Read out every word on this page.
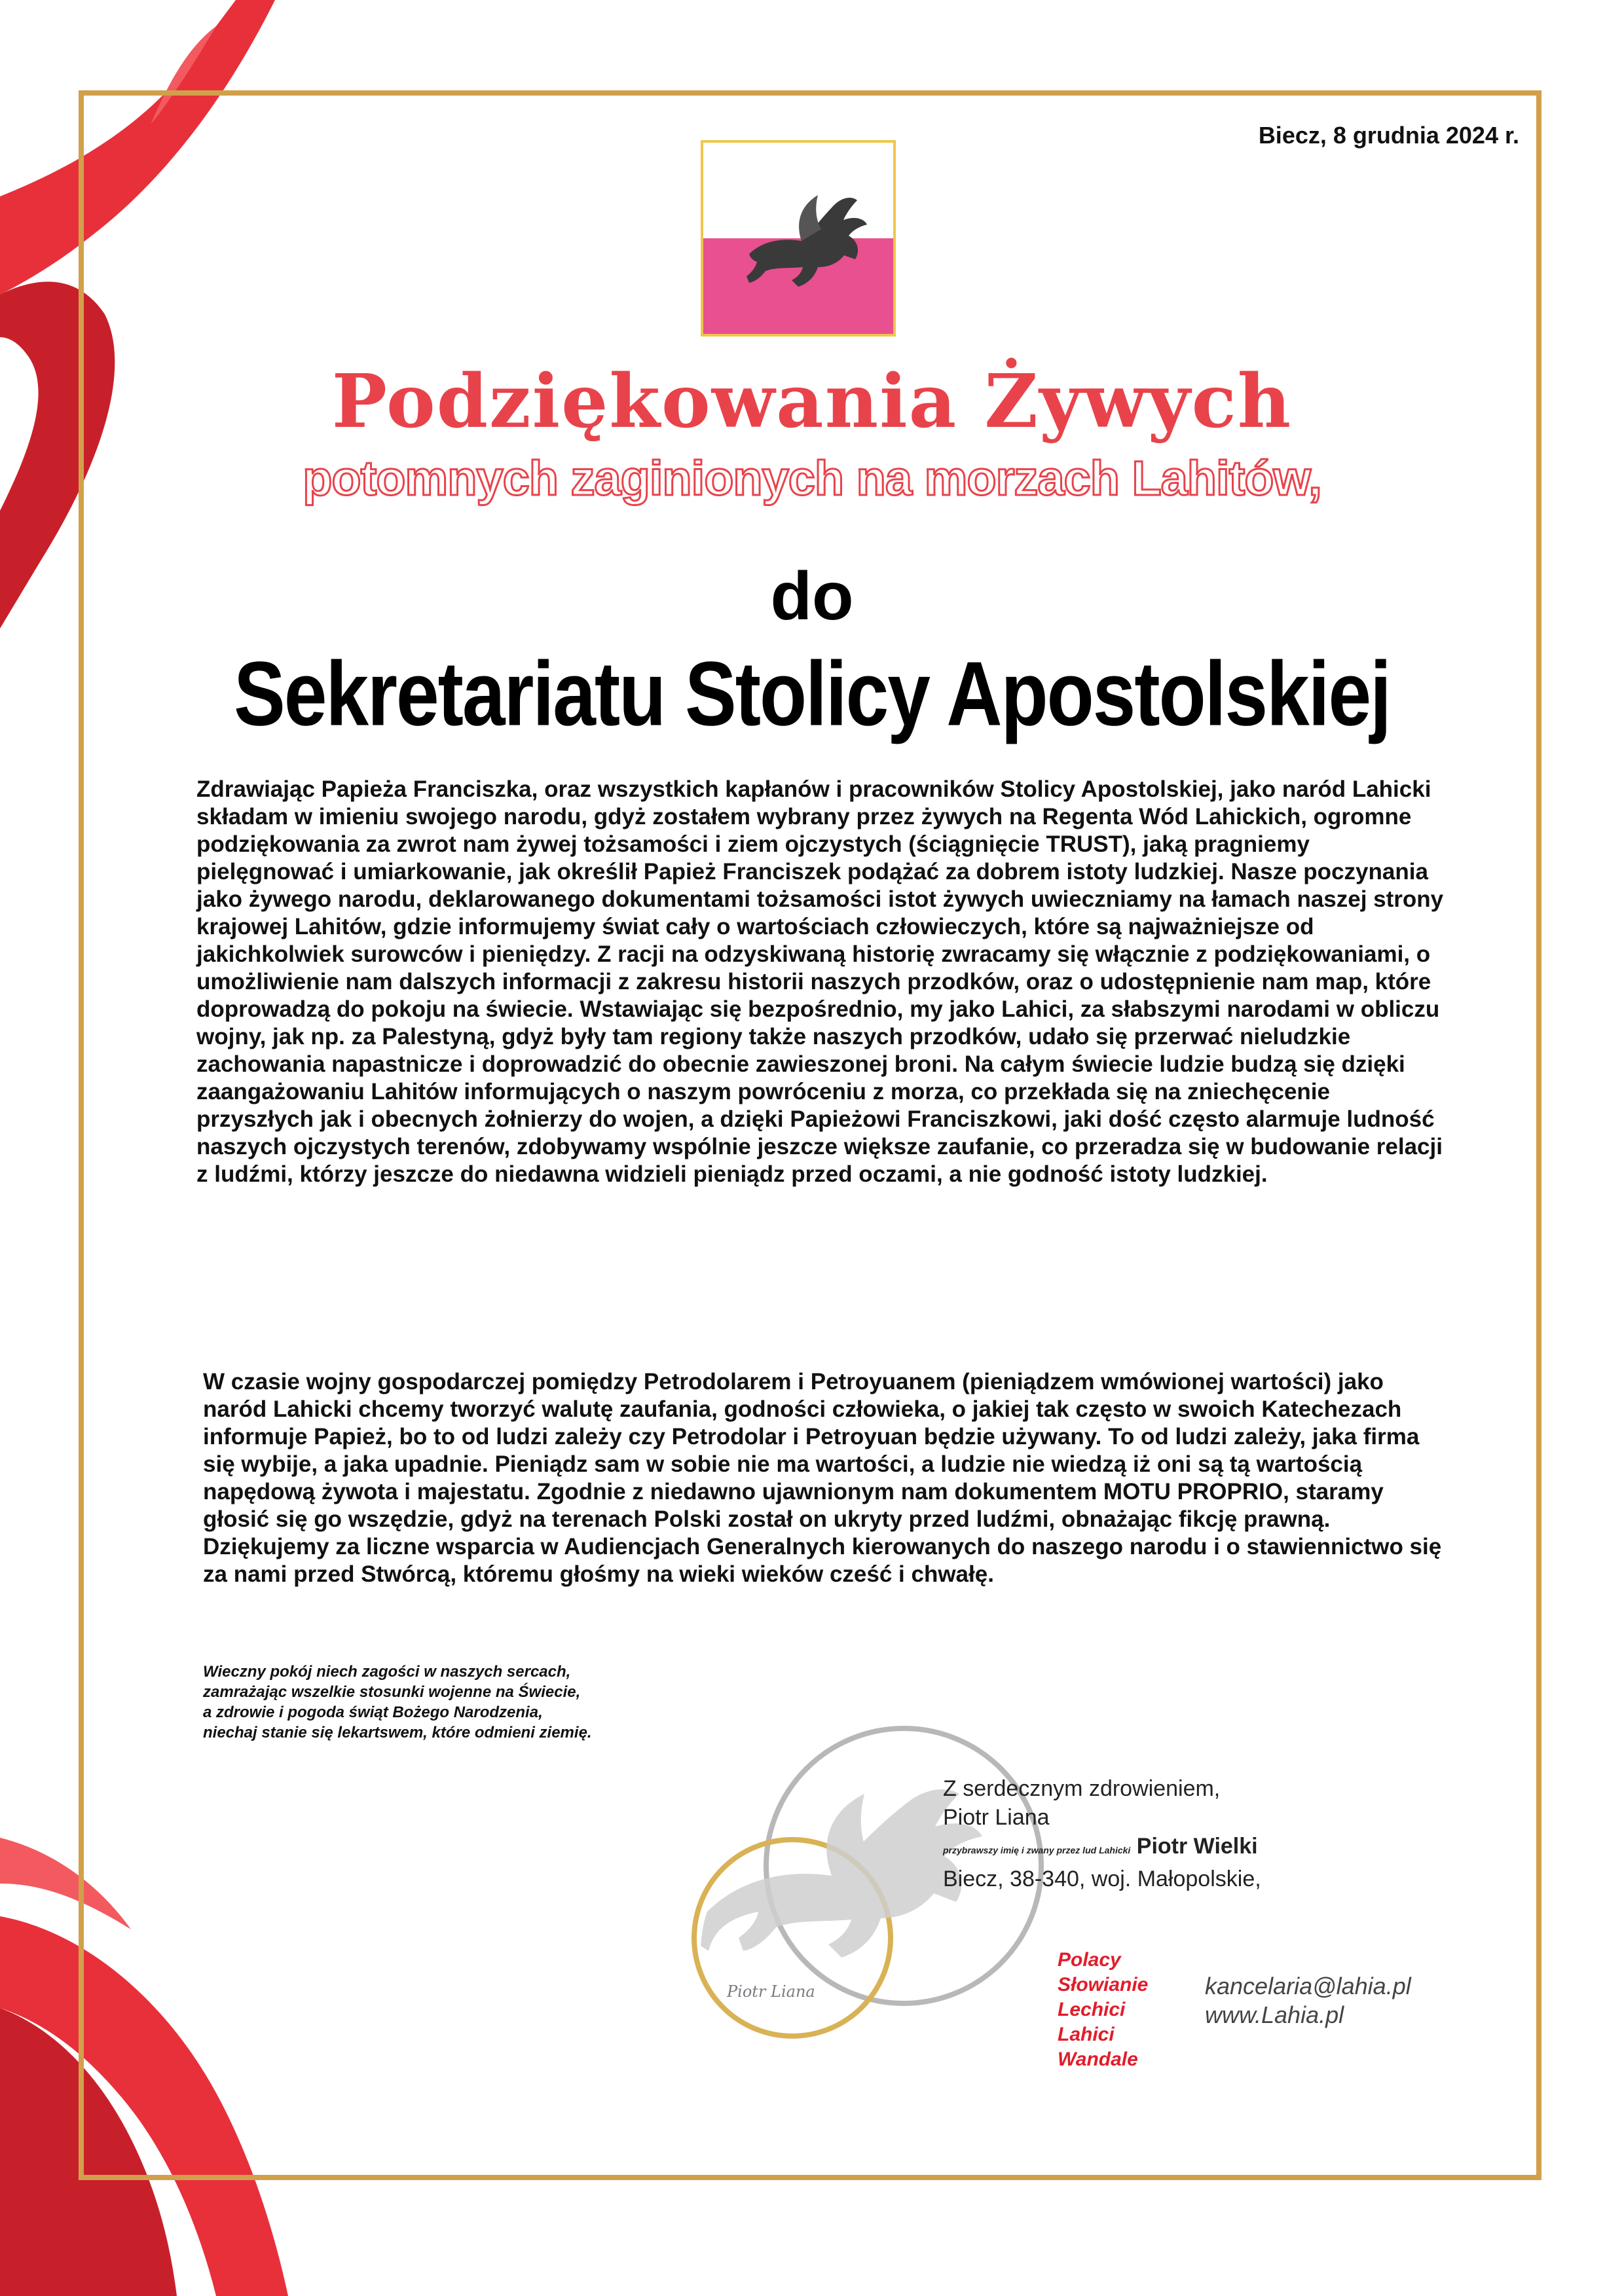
Biecz, 8 grudnia 2024 r.
Podziękowania Żywych
potomnych zaginionych na morzach Lahitów,
do
Sekretariatu Stolicy Apostolskiej
Zdrawiając Papieża Franciszka, oraz wszystkich kapłanów i pracowników Stolicy Apostolskiej, jako naród Lahicki składam w imieniu swojego narodu, gdyż zostałem wybrany przez żywych na Regenta Wód Lahickich, ogromne podziękowania za zwrot nam żywej tożsamości i ziem ojczystych (ściągnięcie TRUST), jaką pragniemy pielęgnować i umiarkowanie, jak określił Papież Franciszek podążać za dobrem istoty ludzkiej. Nasze poczynania jako żywego narodu, deklarowanego dokumentami tożsamości istot żywych uwieczniamy na łamach naszej strony krajowej Lahitów, gdzie informujemy świat cały o wartościach człowieczych, które są najważniejsze od jakichkolwiek surowców i pieniędzy. Z racji na odzyskiwaną historię zwracamy się włącznie z podziękowaniami, o umożliwienie nam dalszych informacji z zakresu historii naszych przodków, oraz o udostępnienie nam map, które doprowadzą do pokoju na świecie. Wstawiając się bezpośrednio, my jako Lahici, za słabszymi narodami w obliczu wojny, jak np. za Palestyną, gdyż były tam regiony także naszych przodków, udało się przerwać nieludzkie zachowania napastnicze i doprowadzić do obecnie zawieszonej broni. Na całym świecie ludzie budzą się dzięki zaangażowaniu Lahitów informujących o naszym powróceniu z morza, co przekłada się na zniechęcenie przyszłych jak i obecnych żołnierzy do wojen, a dzięki Papieżowi Franciszkowi, jaki dość często alarmuje ludność naszych ojczystych terenów, zdobywamy wspólnie jeszcze większe zaufanie, co przeradza się w budowanie relacji z ludźmi, którzy jeszcze do niedawna widzieli pieniądz przed oczami, a nie godność istoty ludzkiej.
W czasie wojny gospodarczej pomiędzy Petrodolarem i Petroyuanem (pieniądzem wmówionej wartości) jako naród Lahicki chcemy tworzyć walutę zaufania, godności człowieka, o jakiej tak często w swoich Katechezach informuje Papież, bo to od ludzi zależy czy Petrodolar i Petroyuan będzie używany. To od ludzi zależy, jaka firma się wybije, a jaka upadnie. Pieniądz sam w sobie nie ma wartości, a ludzie nie wiedzą iż oni są tą wartością napędową żywota i majestatu. Zgodnie z niedawno ujawnionym nam dokumentem MOTU PROPRIO, staramy głosić się go wszędzie, gdyż na terenach Polski został on ukryty przed ludźmi, obnażając fikcję prawną. Dziękujemy za liczne wsparcia w Audiencjach Generalnych kierowanych do naszego narodu i o stawiennictwo się za nami przed Stwórcą, któremu głośmy na wieki wieków cześć i chwałę.
Wieczny pokój niech zagości w naszych sercach,
zamrażając wszelkie stosunki wojenne na Świecie,
a zdrowie i pogoda świąt Bożego Narodzenia,
niechaj stanie się lekartswem, które odmieni ziemię.
Piotr Liana
Z serdecznym zdrowieniem,
Piotr Liana
przybrawszy imię i zwany przez lud Lahicki Piotr Wielki
Biecz, 38-340, woj. Małopolskie,
Polacy
Słowianie
Lechici
Lahici
Wandale
kancelaria@lahia.pl
www.Lahia.pl
